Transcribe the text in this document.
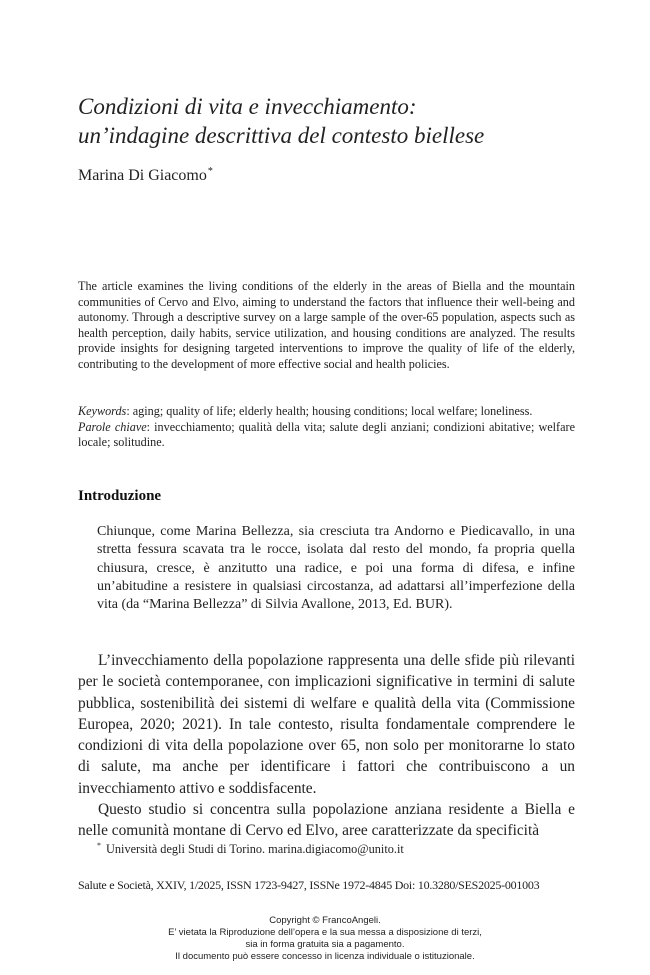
Condizioni di vita e invecchiamento:
un’indagine descrittiva del contesto biellese
Marina Di Giacomo*
The article examines the living conditions of the elderly in the areas of Biella and the mountain communities of Cervo and Elvo, aiming to understand the factors that influence their well-being and autonomy. Through a descriptive survey on a large sample of the over-65 population, aspects such as health perception, daily habits, service utilization, and housing conditions are analyzed. The results provide insights for designing targeted interventions to improve the quality of life of the elderly, contributing to the development of more effective social and health policies.
Keywords: aging; quality of life; elderly health; housing conditions; local welfare; loneliness.
Parole chiave: invecchiamento; qualità della vita; salute degli anziani; condizioni abitative; welfare locale; solitudine.
Introduzione
Chiunque, come Marina Bellezza, sia cresciuta tra Andorno e Piedicavallo, in una stretta fessura scavata tra le rocce, isolata dal resto del mondo, fa propria quella chiusura, cresce, è anzitutto una radice, e poi una forma di difesa, e infine un’abitudine a resistere in qualsiasi circostanza, ad adattarsi all’imperfezione della vita (da “Marina Bellezza” di Silvia Avallone, 2013, Ed. BUR).

L’invecchiamento della popolazione rappresenta una delle sfide più rilevanti per le società contemporanee, con implicazioni significative in termini di salute pubblica, sostenibilità dei sistemi di welfare e qualità della vita (Commissione Europea, 2020; 2021). In tale contesto, risulta fondamentale comprendere le condizioni di vita della popolazione over 65, non solo per monitorarne lo stato di salute, ma anche per identificare i fattori che contribuiscono a un invecchiamento attivo e soddisfacente.

Questo studio si concentra sulla popolazione anziana residente a Biella e nelle comunità montane di Cervo ed Elvo, aree caratterizzate da specificità

* Università degli Studi di Torino. marina.digiacomo@unito.it
Salute e Società, XXIV, 1/2025, ISSN 1723-9427, ISSNe 1972-4845 Doi: 10.3280/SES2025-001003
Copyright © FrancoAngeli.
E’ vietata la Riproduzione dell’opera e la sua messa a disposizione di terzi,
sia in forma gratuita sia a pagamento.
Il documento può essere concesso in licenza individuale o istituzionale.
